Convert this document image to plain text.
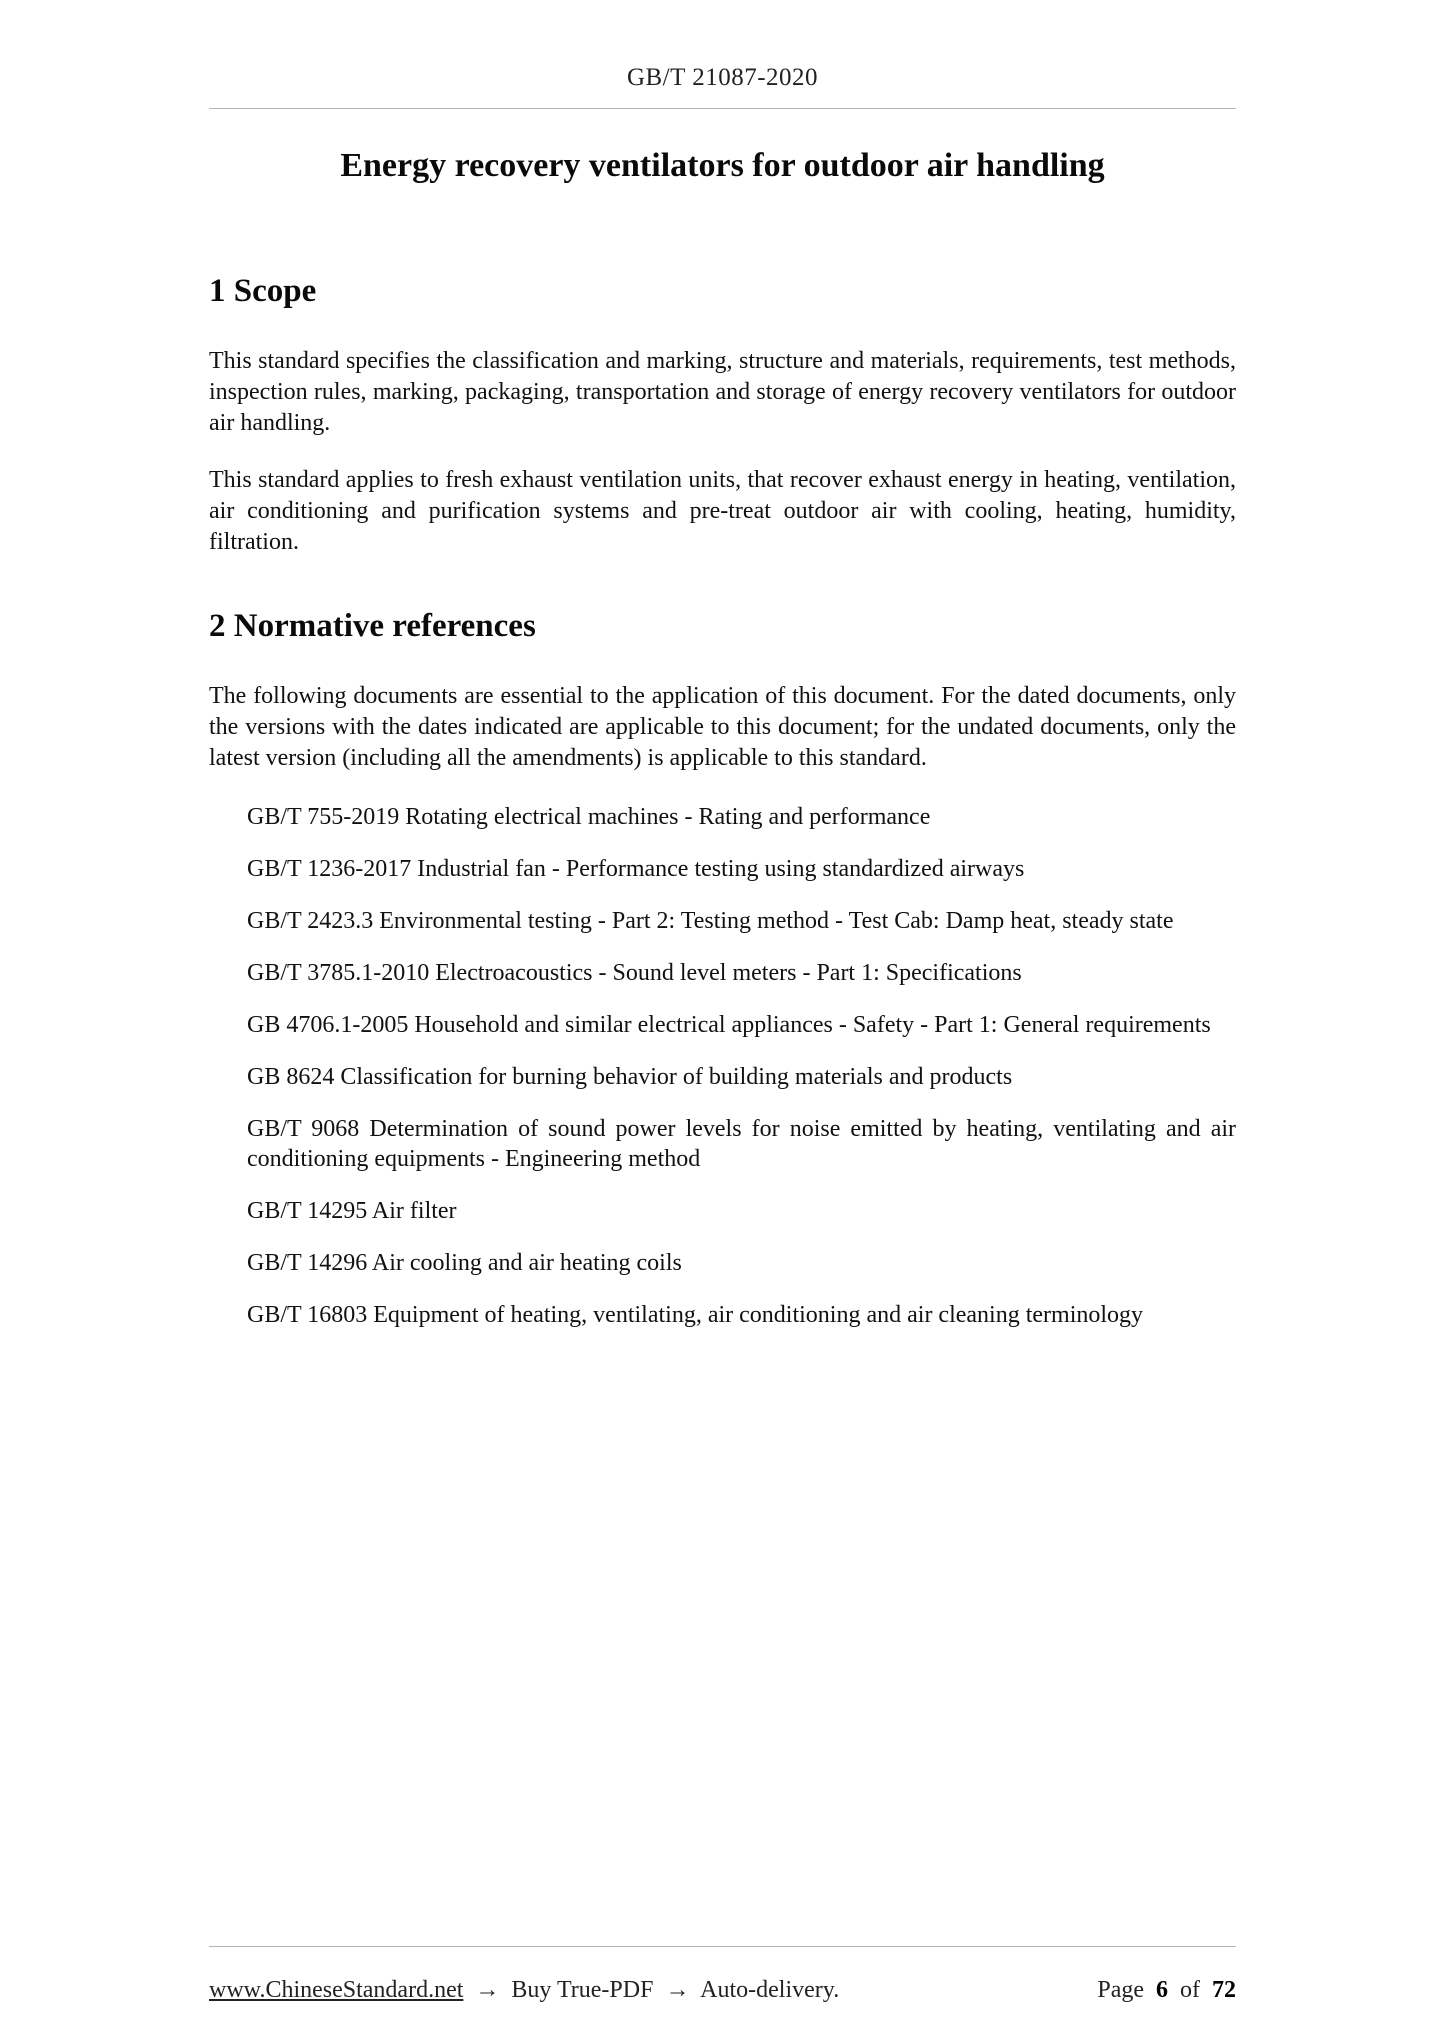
GB/T 21087-2020
Energy recovery ventilators for outdoor air handling
1 Scope

This standard specifies the classification and marking, structure and materials, requirements, test methods, inspection rules, marking, packaging, transportation and storage of energy recovery ventilators for outdoor air handling.

This standard applies to fresh exhaust ventilation units, that recover exhaust energy in heating, ventilation, air conditioning and purification systems and pre-treat outdoor air with cooling, heating, humidity, filtration.

2 Normative references

The following documents are essential to the application of this document. For the dated documents, only the versions with the dates indicated are applicable to this document; for the undated documents, only the latest version (including all the amendments) is applicable to this standard.

GB/T 755-2019 Rotating electrical machines - Rating and performance

GB/T 1236-2017 Industrial fan - Performance testing using standardized airways

GB/T 2423.3 Environmental testing - Part 2: Testing method - Test Cab: Damp heat, steady state

GB/T 3785.1-2010 Electroacoustics - Sound level meters - Part 1: Specifications

GB 4706.1-2005 Household and similar electrical appliances - Safety - Part 1: General requirements

GB 8624 Classification for burning behavior of building materials and products

GB/T 9068 Determination of sound power levels for noise emitted by heating, ventilating and air conditioning equipments - Engineering method

GB/T 14295 Air filter

GB/T 14296 Air cooling and air heating coils

GB/T 16803 Equipment of heating, ventilating, air conditioning and air cleaning terminology

www.ChineseStandard.net → Buy True-PDF → Auto-delivery.	Page 6 of 72
